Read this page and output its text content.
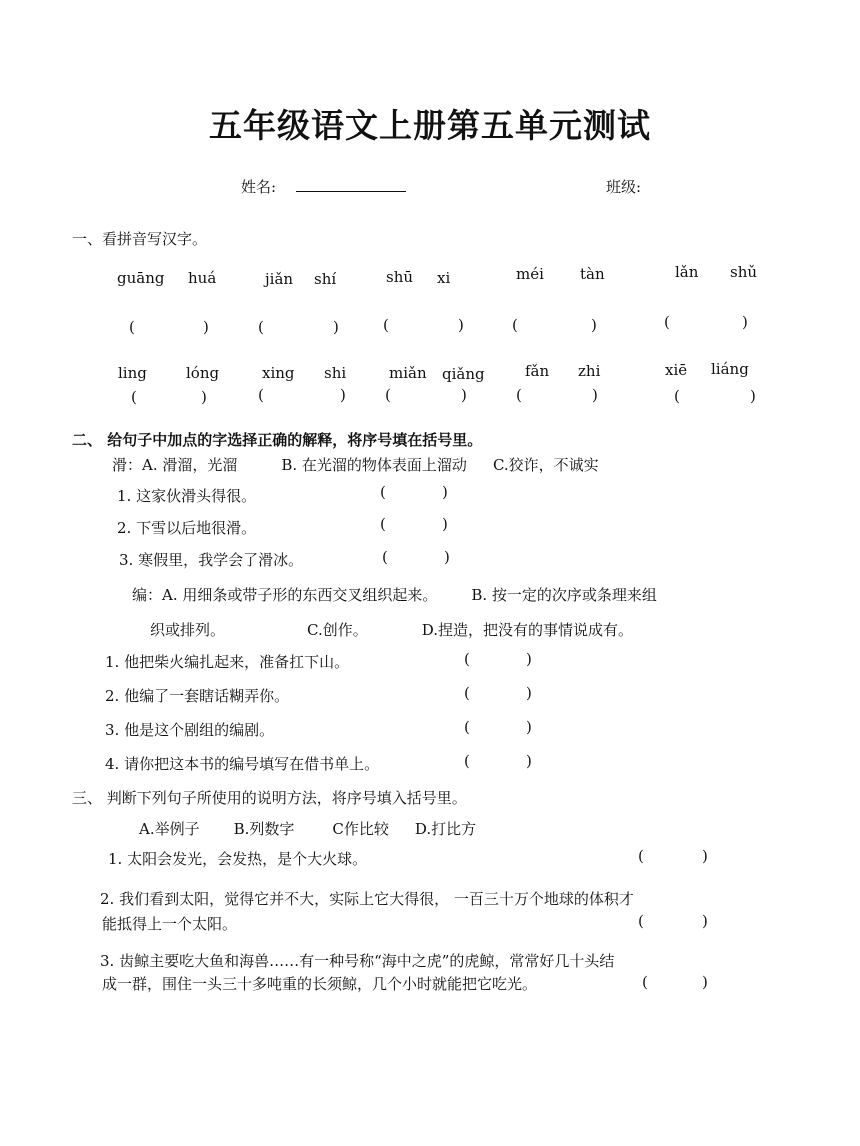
五年级语文上册第五单元测试
姓名:	班级:
一、看拼音写汉字。
guāng huá	jiǎn shí	shū xi	méi tàn	lǎn shǔ
(	)	(	)	(	)	(	)	(	)
ling	lóng	xing shi	miǎn qiǎng	fǎn zhi	xiē liáng
(	)	(	)	(	)	(	)	(	)
二、 给句子中加点的字选择正确的解释，将序号填在括号里。
滑：A. 滑溜，光溜	B. 在光溜的物体表面上溜动 C.狡诈，不诚实
1. 这家伙滑头得很。	(	)
2. 下雪以后地很滑。	(	)
3. 寒假里，我学会了滑冰。	(	)
编：A. 用细条或带子形的东西交叉组织起来。 B. 按一定的次序或条理来组
织或排列。	C.创作。	D.捏造，把没有的事情说成有。
1. 他把柴火编扎起来，准备扛下山。	(	)
2. 他编了一套瞎话糊弄你。	(	)
3. 他是这个剧组的编剧。	(	)
4. 请你把这本书的编号填写在借书单上。	(	)
三、 判断下列句子所使用的说明方法，将序号填入括号里。
A.举例子 B.列数字	C作比较 D.打比方
1. 太阳会发光，会发热，是个大火球。	(	)
2. 我们看到太阳，觉得它并不大，实际上它大得很， 一百三十万个地球的体积才
能抵得上一个太阳。	(	)
3. 齿鲸主要吃大鱼和海兽……有一种号称“海中之虎”的虎鲸，常常好几十头结
成一群，围住一头三十多吨重的长须鲸，几个小时就能把它吃光。	(	)
